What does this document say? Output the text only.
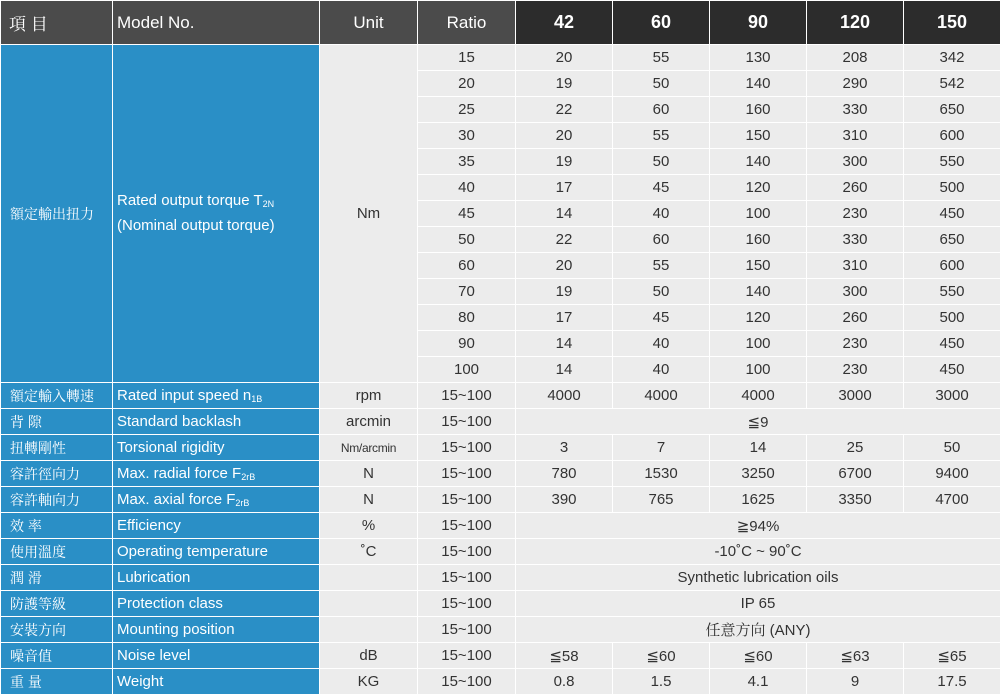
項 目	Model No.	Unit	Ratio	42	60	90	120	150
額定輸出扭力	Rated output torque $T_{2N}$
(Nominal output torque)	Nm	15	20	55	130	208	342
			20	19	50	140	290	542
			25	22	60	160	330	650
			30	20	55	150	310	600
			35	19	50	140	300	550
			40	17	45	120	260	500
			45	14	40	100	230	450
			50	22	60	160	330	650
			60	20	55	150	310	600
			70	19	50	140	300	550
			80	17	45	120	260	500
			90	14	40	100	230	450
			100	14	40	100	230	450
額定輸入轉速	Rated input speed $n_{1B}$	rpm	15~100	4000	4000	4000	3000	3000
背 隙	Standard backlash	arcmin	15~100	≦9				
扭轉剛性	Torsional rigidity	Nm/arcmin	15~100	3	7	14	25	50
容許徑向力	Max. radial force $F_{2rB}$	N	15~100	780	1530	3250	6700	9400
容許軸向力	Max. axial force $F_{2rB}$	N	15~100	390	765	1625	3350	4700
效 率	Efficiency	%	15~100	≧94%				
使用溫度	Operating temperature	˚C	15~100	-10˚C ~ 90˚C				
潤 滑	Lubrication		15~100	Synthetic lubrication oils				
防護等級	Protection class		15~100	IP 65				
安裝方向	Mounting position		15~100	任意方向 (ANY)				
噪音值	Noise level	dB	15~100	≦58	≦60	≦60	≦63	≦65
重 量	Weight	KG	15~100	0.8	1.5	4.1	9	17.5
